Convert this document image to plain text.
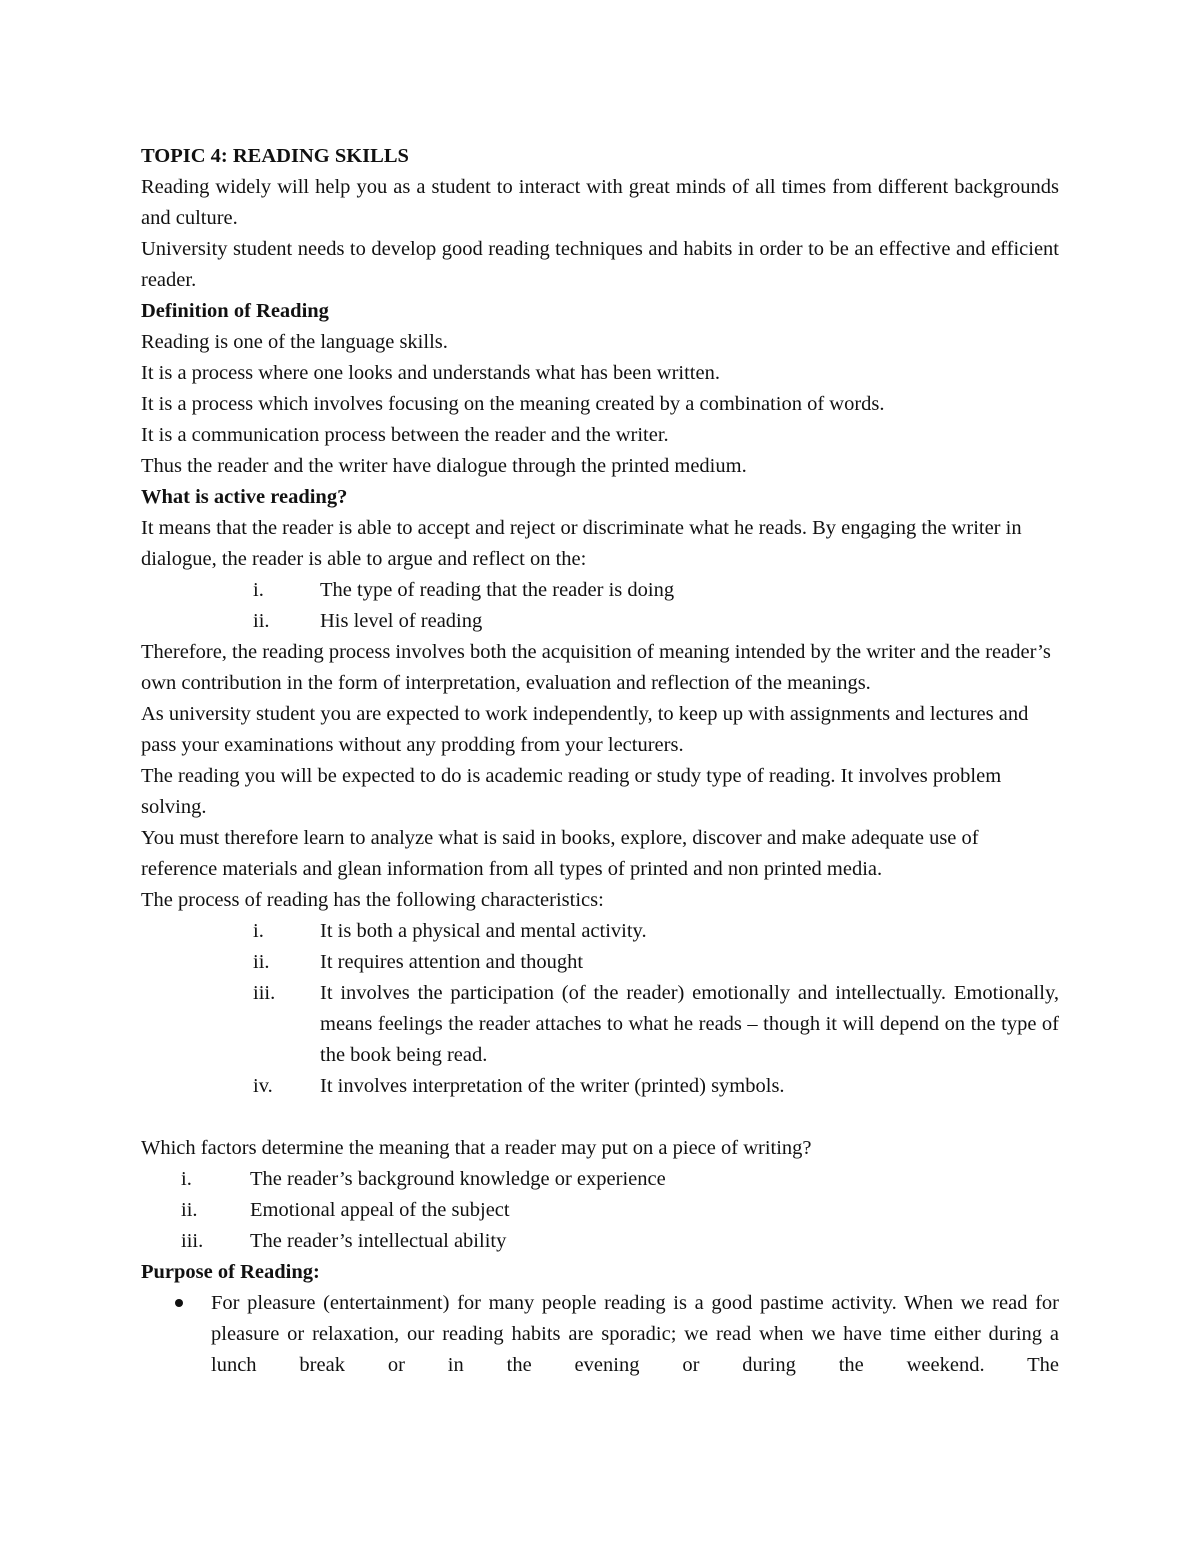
TOPIC 4: READING SKILLS

Reading widely will help you as a student to interact with great minds of all times from different backgrounds and culture.

University student needs to develop good reading techniques and habits in order to be an effective and efficient reader.

Definition of Reading

Reading is one of the language skills.

It is a process where one looks and understands what has been written.

It is a process which involves focusing on the meaning created by a combination of words.

It is a communication process between the reader and the writer.

Thus the reader and the writer have dialogue through the printed medium.

What is active reading?

It means that the reader is able to accept and reject or discriminate what he reads. By engaging the writer in dialogue, the reader is able to argue and reflect on the:

i.	The type of reading that the reader is doing
ii.	His level of reading

Therefore, the reading process involves both the acquisition of meaning intended by the writer and the reader’s own contribution in the form of interpretation, evaluation and reflection of the meanings.

As university student you are expected to work independently, to keep up with assignments and lectures and pass your examinations without any prodding from your lecturers.

The reading you will be expected to do is academic reading or study type of reading. It involves problem solving.

You must therefore learn to analyze what is said in books, explore, discover and make adequate use of reference materials and glean information from all types of printed and non printed media.

The process of reading has the following characteristics:

i.	It is both a physical and mental activity.
ii.	It requires attention and thought
iii.	It involves the participation (of the reader) emotionally and intellectually. Emotionally, means feelings the reader attaches to what he reads – though it will depend on the type of the book being read.
iv.	It involves interpretation of the writer (printed) symbols.

Which factors determine the meaning that a reader may put on a piece of writing?

i.	The reader’s background knowledge or experience
ii.	Emotional appeal of the subject
iii.	The reader’s intellectual ability

Purpose of Reading:

For pleasure (entertainment) for many people reading is a good pastime activity. When we read for pleasure or relaxation, our reading habits are sporadic; we read when we have time either during a lunch break or in the evening or during the weekend. The
